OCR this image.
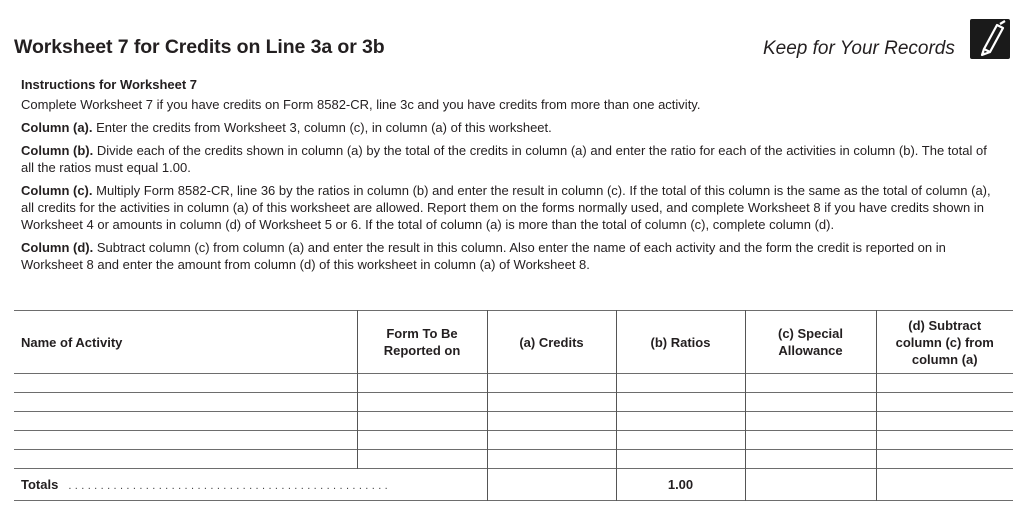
Worksheet 7 for Credits on Line 3a or 3b	Keep for Your Records
Instructions for Worksheet 7

Complete Worksheet 7 if you have credits on Form 8582-CR, line 3c and you have credits from more than one activity.

Column (a). Enter the credits from Worksheet 3, column (c), in column (a) of this worksheet.

Column (b). Divide each of the credits shown in column (a) by the total of the credits in column (a) and enter the ratio for each of the activities in column (b). The total of all the ratios must equal 1.00.

Column (c). Multiply Form 8582-CR, line 36 by the ratios in column (b) and enter the result in column (c). If the total of this column is the same as the total of column (a), all credits for the activities in column (a) of this worksheet are allowed. Report them on the forms normally used, and complete Worksheet 8 if you have credits shown in Worksheet 4 or amounts in column (d) of Worksheet 5 or 6. If the total of column (a) is more than the total of column (c), complete column (d).

Column (d). Subtract column (c) from column (a) and enter the result in this column. Also enter the name of each activity and the form the credit is reported on in Worksheet 8 and enter the amount from column (d) of this worksheet in column (a) of Worksheet 8.

Name of Activity	Form To Be Reported on	(a) Credits	(b) Ratios	(c) Special Allowance	(d) Subtract column (c) from column (a)

Totals ..................................................			1.00		
